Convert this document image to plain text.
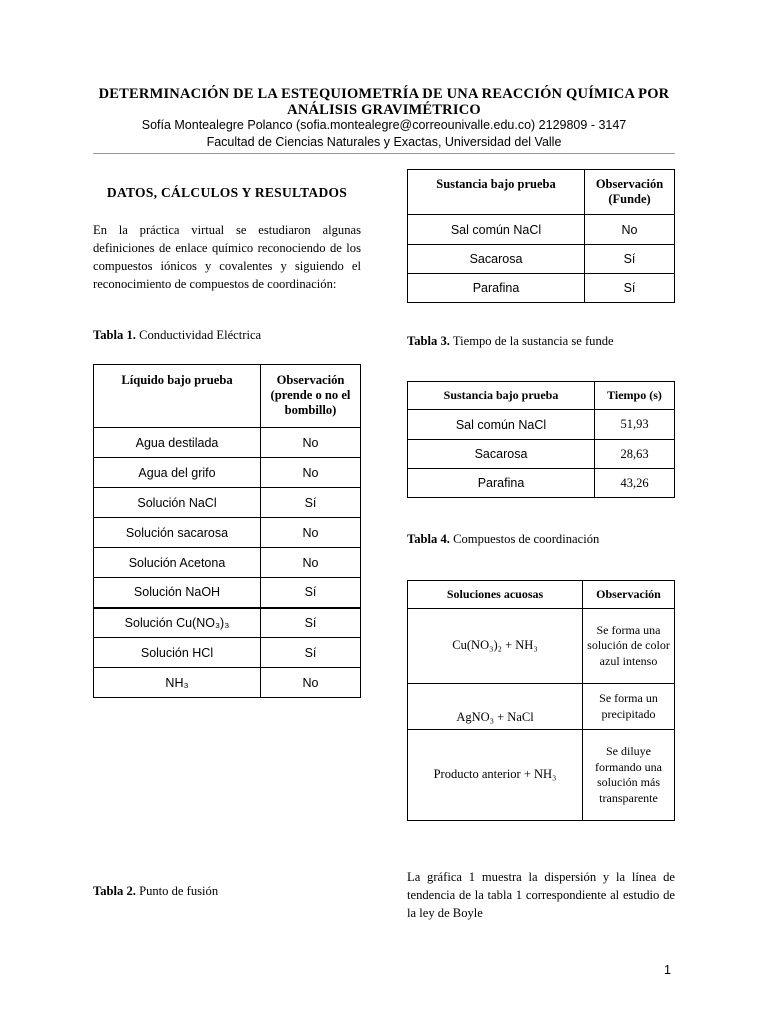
DETERMINACIÓN DE LA ESTEQUIOMETRÍA DE UNA REACCIÓN QUÍMICA POR
ANÁLISIS GRAVIMÉTRICO
Sofía Montealegre Polanco (sofia.montealegre@correounivalle.edu.co) 2129809 - 3147
Facultad de Ciencias Naturales y Exactas, Universidad del Valle
DATOS, CÁLCULOS Y RESULTADOS
En la práctica virtual se estudiaron algunas definiciones de enlace químico reconociendo de los compuestos iónicos y covalentes y siguiendo el reconocimiento de compuestos de coordinación:
Tabla 1. Conductividad Eléctrica
Líquido bajo prueba	Observación (prende o no el bombillo)
Agua destilada	No
Agua del grifo	No
Solución NaCl	Sí
Solución sacarosa	No
Solución Acetona	No
Solución NaOH	Sí
Solución Cu(NO₃)₃	Sí
Solución HCl	Sí
NH₃	No
Tabla 2. Punto de fusión
Sustancia bajo prueba	Observación (Funde)
Sal común NaCl	No
Sacarosa	Sí
Parafina	Sí
Tabla 3. Tiempo de la sustancia se funde
Sustancia bajo prueba	Tiempo (s)
Sal común NaCl	51,93
Sacarosa	28,63
Parafina	43,26
Tabla 4. Compuestos de coordinación
Soluciones acuosas	Observación
Cu(NO₃)₂ + NH₃	Se forma una solución de color azul intenso
AgNO₃ + NaCl	Se forma un precipitado
Producto anterior + NH₃	Se diluye formando una solución más transparente
La gráfica 1 muestra la dispersión y la línea de tendencia de la tabla 1 correspondiente al estudio de la ley de Boyle
1
